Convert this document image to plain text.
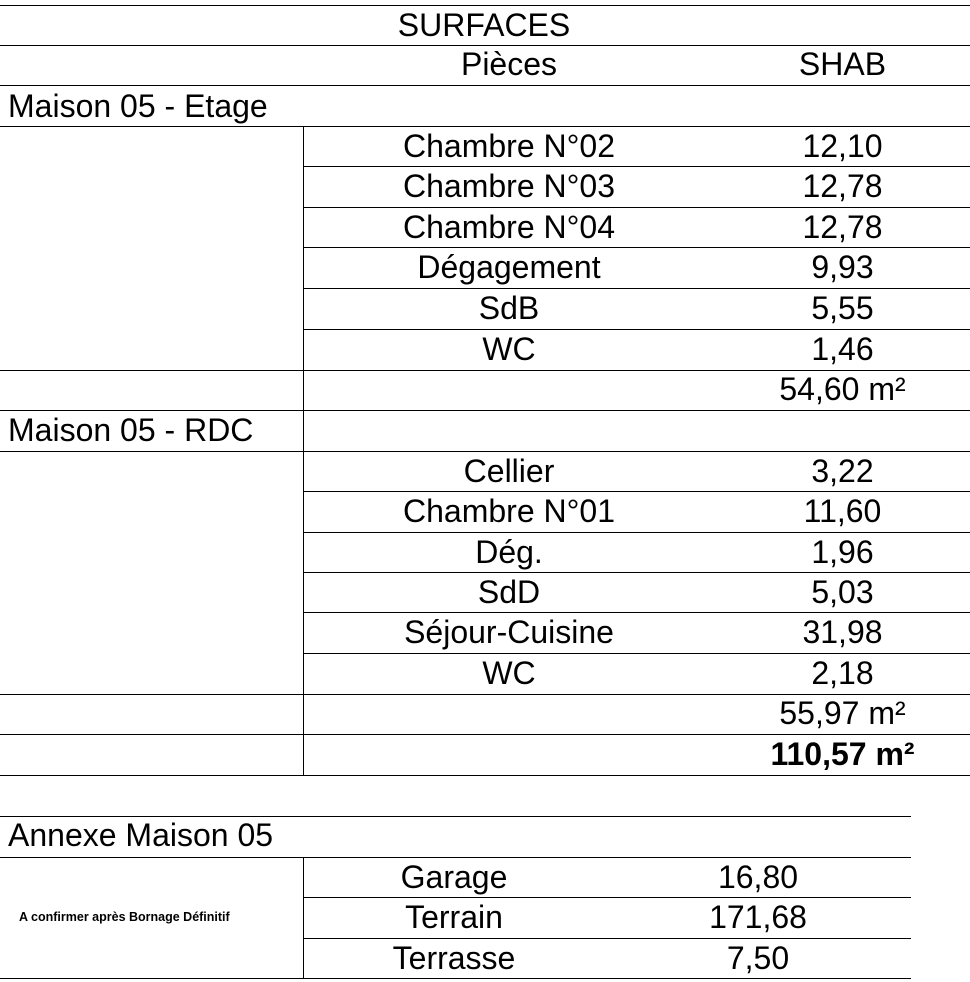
SURFACES
Pièces	SHAB
Maison 05 - Etage
Chambre N°02	12,10
Chambre N°03	12,78
Chambre N°04	12,78
Dégagement	9,93
SdB	5,55
WC	1,46
54,60 m²
Maison 05 - RDC
Cellier	3,22
Chambre N°01	11,60
Dég.	1,96
SdD	5,03
Séjour-Cuisine	31,98
WC	2,18
55,97 m²
110,57 m²
Annexe Maison 05
A confirmer après Bornage Définitif
Garage	16,80
Terrain	171,68
Terrasse	7,50
